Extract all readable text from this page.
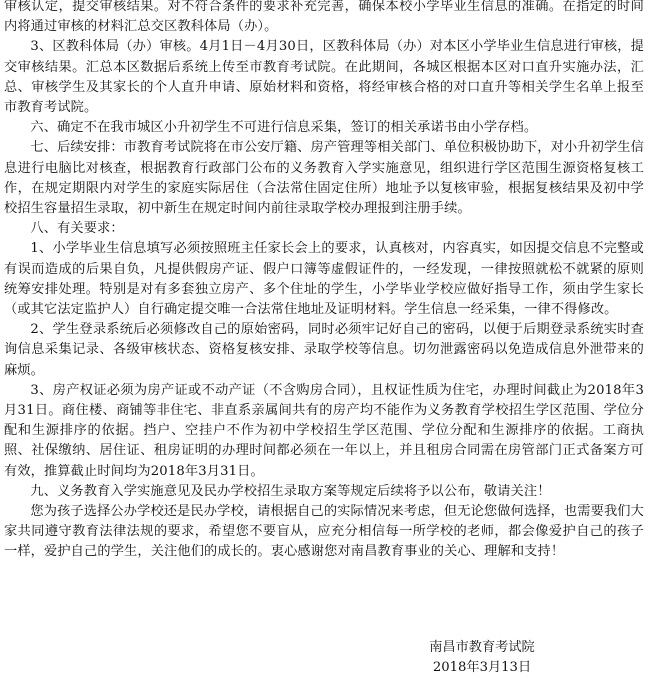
审核认定，提交审核结果。对不符合条件的要求补充完善，确保本校小学毕业生信息的准确。在指定的时间内将通过审核的材料汇总交区教科体局（办）。

3、区教科体局（办）审核。4月1日－4月30日，区教科体局（办）对本区小学毕业生信息进行审核，提交审核结果。汇总本区数据后系统上传至市教育考试院。在此期间，各城区根据本区对口直升实施办法，汇总、审核学生及其家长的个人直升申请、原始材料和资格，将经审核合格的对口直升等相关学生名单上报至市教育考试院。

六、确定不在我市城区小升初学生不可进行信息采集，签订的相关承诺书由小学存档。

七、后续安排：市教育考试院将在市公安厅籍、房产管理等相关部门、单位积极协助下，对小升初学生信息进行电脑比对核查，根据教育行政部门公布的义务教育入学实施意见，组织进行学区范围生源资格复核工作，在规定期限内对学生的家庭实际居住（合法常住固定住所）地址予以复核审验，根据复核结果及初中学校招生容量招生录取，初中新生在规定时间内前往录取学校办理报到注册手续。

八、有关要求：

1、小学毕业生信息填写必须按照班主任家长会上的要求，认真核对，内容真实，如因提交信息不完整或有误而造成的后果自负，凡提供假房产证、假户口簿等虚假证件的，一经发现，一律按照就松不就紧的原则统筹安排处理。特别是对有多套独立房产、多个住址的学生，小学毕业学校应做好指导工作，须由学生家长（或其它法定监护人）自行确定提交唯一合法常住地址及证明材料。学生信息一经采集，一律不得修改。

2、学生登录系统后必须修改自己的原始密码，同时必须牢记好自己的密码，以便于后期登录系统实时查询信息采集记录、各级审核状态、资格复核安排、录取学校等信息。切勿泄露密码以免造成信息外泄带来的麻烦。

3、房产权证必须为房产证或不动产证（不含购房合同），且权证性质为住宅，办理时间截止为2018年3月31日。商住楼、商铺等非住宅、非直系亲属间共有的房产均不能作为义务教育学校招生学区范围、学位分配和生源排序的依据。挡户、空挂户不作为初中学校招生学区范围、学位分配和生源排序的依据。工商执照、社保缴纳、居住证、租房证明的办理时间都必须在一年以上，并且租房合同需在房管部门正式备案方可有效，推算截止时间均为2018年3月31日。

九、义务教育入学实施意见及民办学校招生录取方案等规定后续将予以公布，敬请关注！

您为孩子选择公办学校还是民办学校，请根据自己的实际情况来考虑，但无论您做何选择，也需要我们大家共同遵守教育法律法规的要求，希望您不要盲从，应充分相信每一所学校的老师，都会像爱护自己的孩子一样，爱护自己的学生，关注他们的成长的。衷心感谢您对南昌教育事业的关心、理解和支持！

南昌市教育考试院

2018年3月13日
